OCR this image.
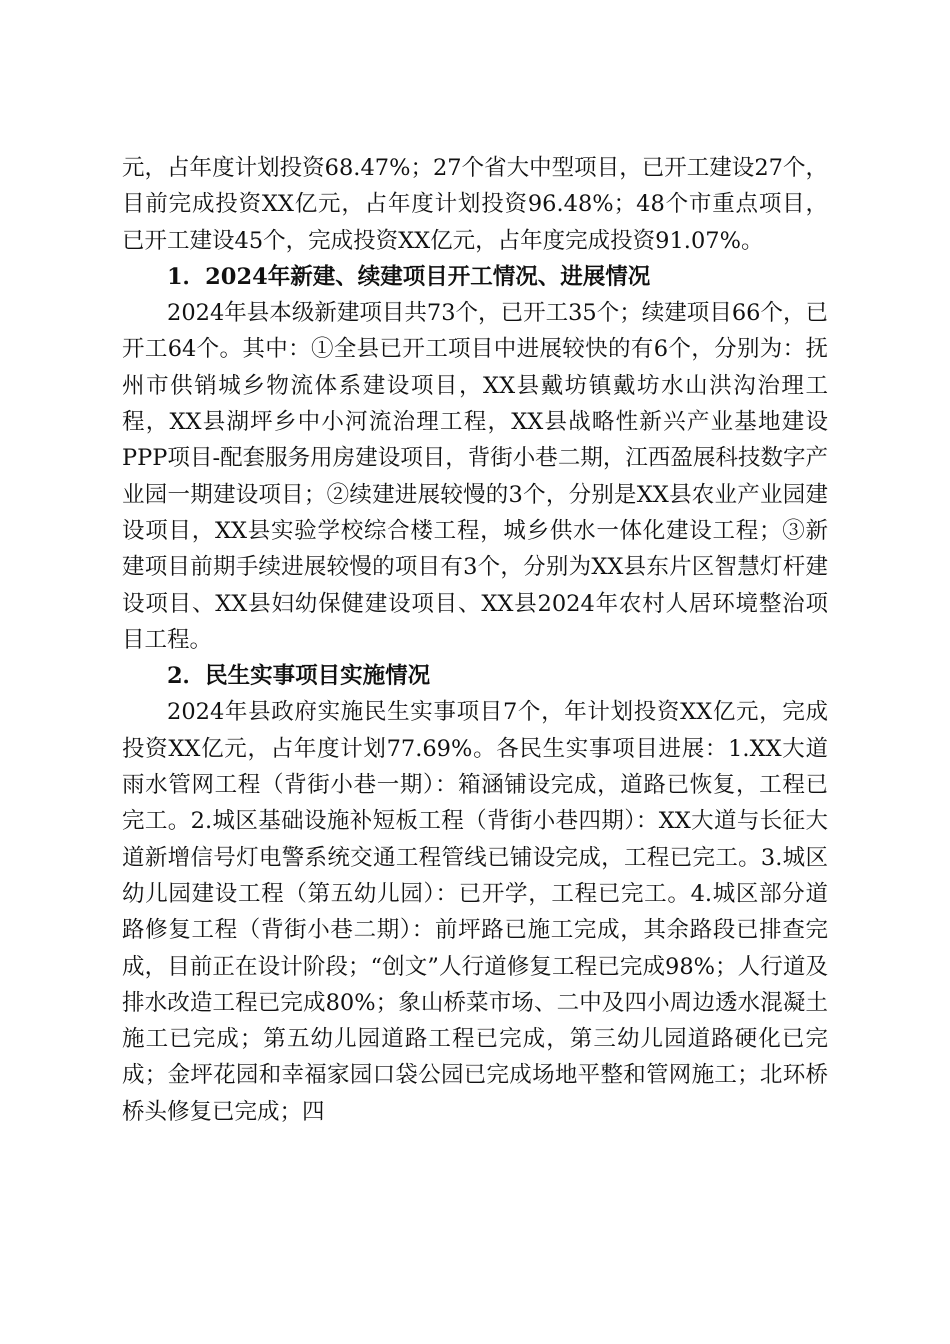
元，占年度计划投资68.47%；27个省大中型项目，已开工建设27个，目前完成投资XX亿元，占年度计划投资96.48%；48个市重点项目，已开工建设45个，完成投资XX亿元，占年度完成投资91.07%。

1．2024年新建、续建项目开工情况、进展情况

2024年县本级新建项目共73个，已开工35个；续建项目66个，已开工64个。其中：①全县已开工项目中进展较快的有6个，分别为：抚州市供销城乡物流体系建设项目，XX县戴坊镇戴坊水山洪沟治理工程，XX县湖坪乡中小河流治理工程，XX县战略性新兴产业基地建设PPP项目-配套服务用房建设项目，背街小巷二期，江西盈展科技数字产业园一期建设项目；②续建进展较慢的3个，分别是XX县农业产业园建设项目，XX县实验学校综合楼工程，城乡供水一体化建设工程；③新建项目前期手续进展较慢的项目有3个，分别为XX县东片区智慧灯杆建设项目、XX县妇幼保健建设项目、XX县2024年农村人居环境整治项目工程。

2．民生实事项目实施情况

2024年县政府实施民生实事项目7个，年计划投资XX亿元，完成投资XX亿元，占年度计划77.69%。各民生实事项目进展：1.XX大道雨水管网工程（背街小巷一期）：箱涵铺设完成，道路已恢复，工程已完工。2.城区基础设施补短板工程（背街小巷四期）：XX大道与长征大道新增信号灯电警系统交通工程管线已铺设完成，工程已完工。3.城区幼儿园建设工程（第五幼儿园）：已开学，工程已完工。4.城区部分道路修复工程（背街小巷二期）：前坪路已施工完成，其余路段已排查完成，目前正在设计阶段；“创文”人行道修复工程已完成98%；人行道及排水改造工程已完成80%；象山桥菜市场、二中及四小周边透水混凝土施工已完成；第五幼儿园道路工程已完成，第三幼儿园道路硬化已完成；金坪花园和幸福家园口袋公园已完成场地平整和管网施工；北环桥桥头修复已完成；四
